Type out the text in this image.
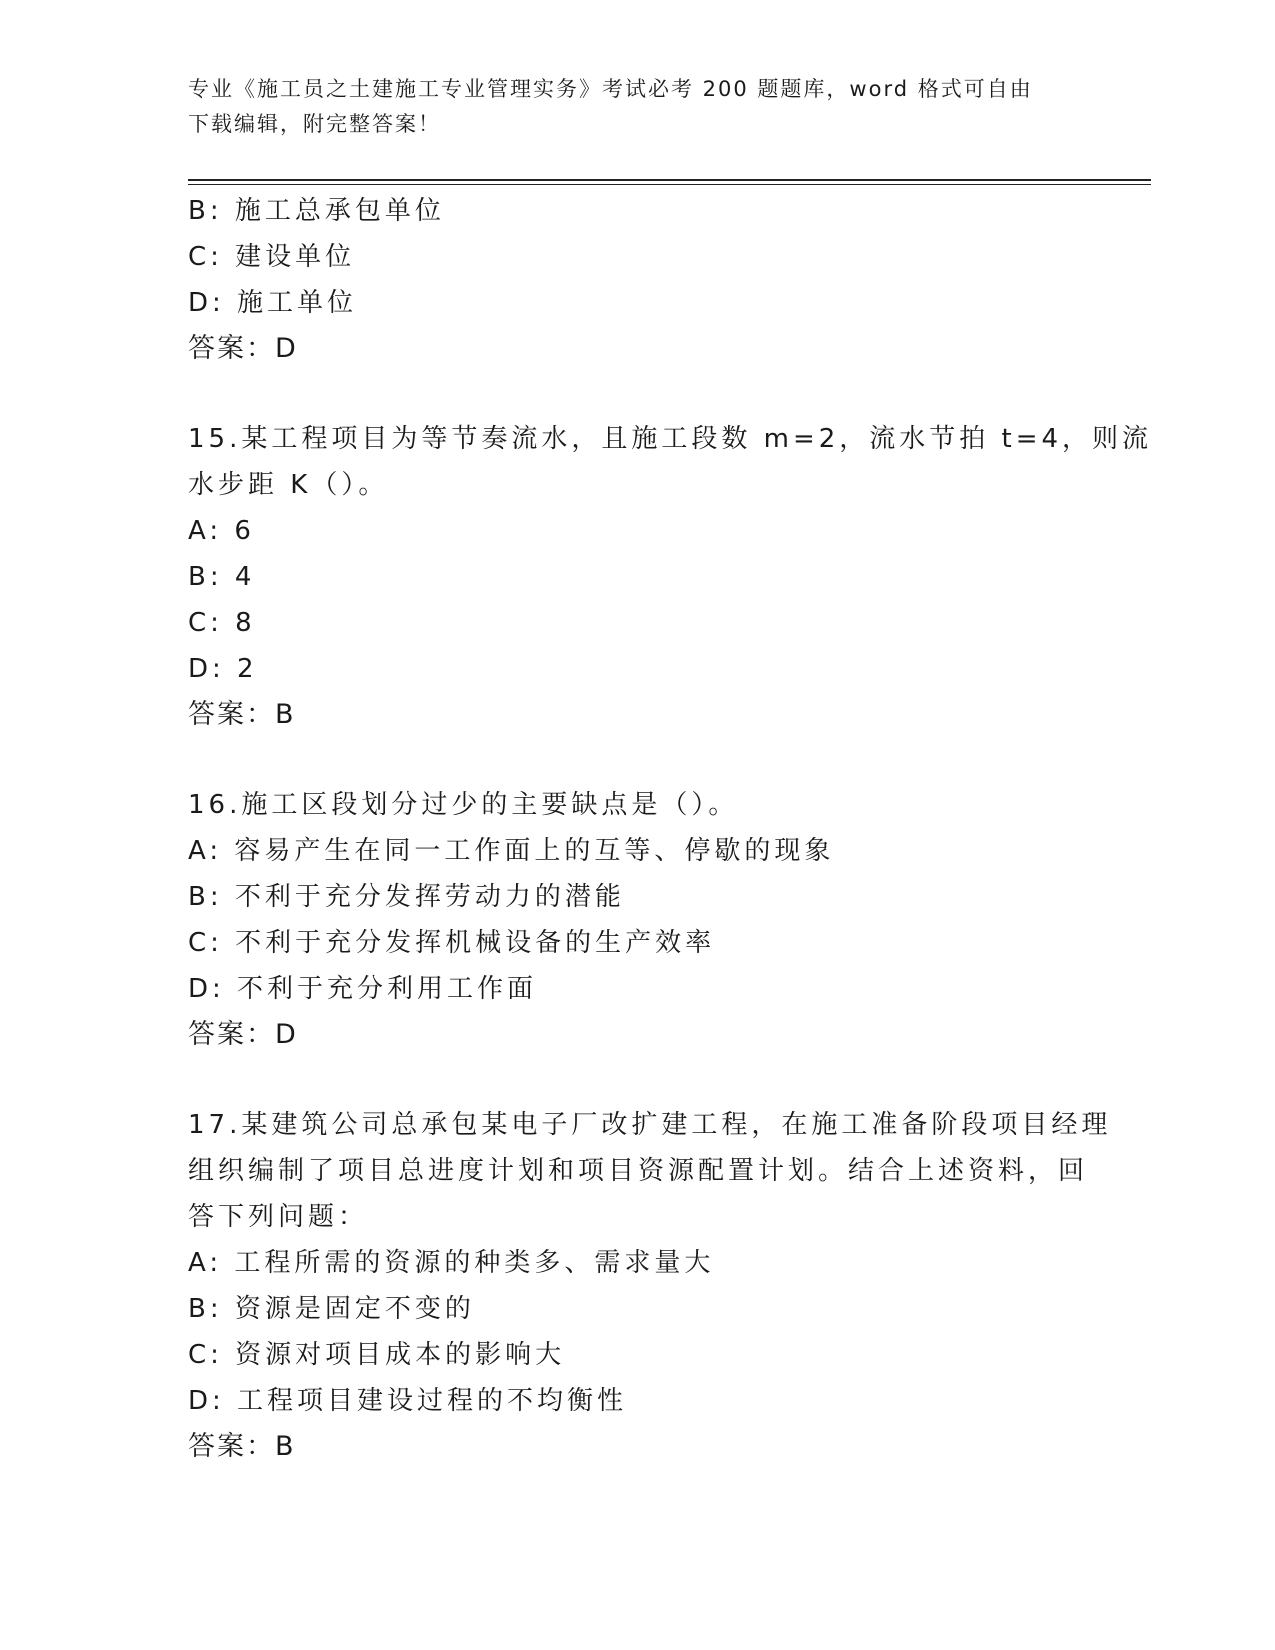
专业《施工员之土建施工专业管理实务》考试必考 200 题题库，word 格式可自由
下载编辑，附完整答案！
B: 施工总承包单位
C: 建设单位
D: 施工单位
答案：D
15.某工程项目为等节奏流水，且施工段数 m=2，流水节拍 t=4，则流
水步距 K（）。
A: 6
B: 4
C: 8
D: 2
答案：B
16.施工区段划分过少的主要缺点是（）。
A: 容易产生在同一工作面上的互等、停歇的现象
B: 不利于充分发挥劳动力的潜能
C: 不利于充分发挥机械设备的生产效率
D: 不利于充分利用工作面
答案：D
17.某建筑公司总承包某电子厂改扩建工程，在施工准备阶段项目经理
组织编制了项目总进度计划和项目资源配置计划。结合上述资料，回
答下列问题：
A: 工程所需的资源的种类多、需求量大
B: 资源是固定不变的
C: 资源对项目成本的影响大
D: 工程项目建设过程的不均衡性
答案：B
